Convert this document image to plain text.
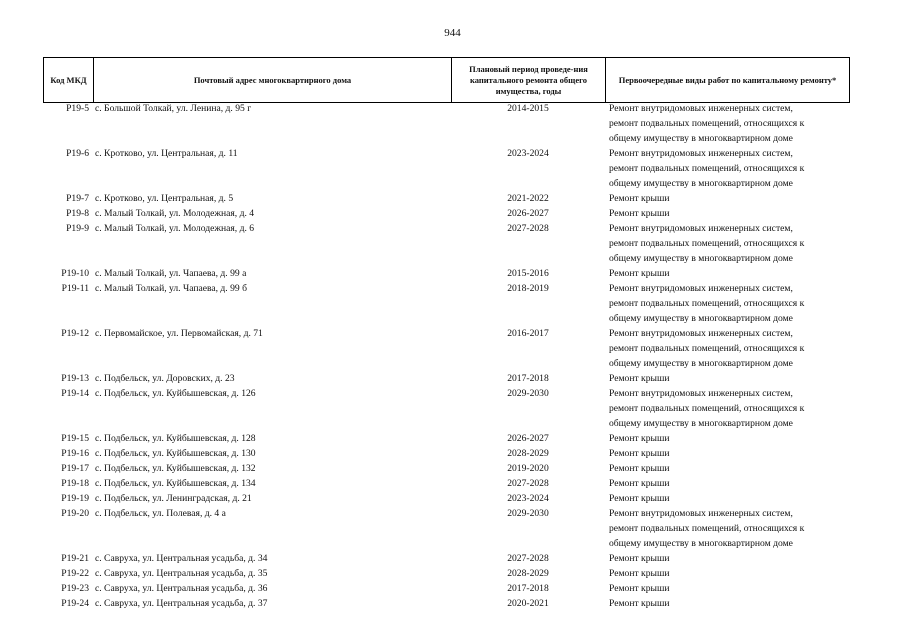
944
Код МКД	Почтовый адрес многоквартирного дома	Плановый период проведе-ния капитального ремонта общего имущества, годы	Первоочередные виды работ по капитальному ремонту*
Р19-5 с. Большой Толкай, ул. Ленина, д. 95 г	2014-2015	Ремонт внутридомовых инженерных систем,
ремонт подвальных помещений, относящихся к
общему имуществу в многоквартирном доме
Р19-6 с. Кротково, ул. Центральная, д. 11	2023-2024	Ремонт внутридомовых инженерных систем,
ремонт подвальных помещений, относящихся к
общему имуществу в многоквартирном доме
Р19-7 с. Кротково, ул. Центральная, д. 5	2021-2022	Ремонт крыши
Р19-8 с. Малый Толкай, ул. Молодежная, д. 4	2026-2027	Ремонт крыши
Р19-9 с. Малый Толкай, ул. Молодежная, д. 6	2027-2028	Ремонт внутридомовых инженерных систем,
ремонт подвальных помещений, относящихся к
общему имуществу в многоквартирном доме
Р19-10 с. Малый Толкай, ул. Чапаева, д. 99 а	2015-2016	Ремонт крыши
Р19-11 с. Малый Толкай, ул. Чапаева, д. 99 б	2018-2019	Ремонт внутридомовых инженерных систем,
ремонт подвальных помещений, относящихся к
общему имуществу в многоквартирном доме
Р19-12 с. Первомайское, ул. Первомайская, д. 71	2016-2017	Ремонт внутридомовых инженерных систем,
ремонт подвальных помещений, относящихся к
общему имуществу в многоквартирном доме
Р19-13 с. Подбельск, ул. Доровских, д. 23	2017-2018	Ремонт крыши
Р19-14 с. Подбельск, ул. Куйбышевская, д. 126	2029-2030	Ремонт внутридомовых инженерных систем,
ремонт подвальных помещений, относящихся к
общему имуществу в многоквартирном доме
Р19-15 с. Подбельск, ул. Куйбышевская, д. 128	2026-2027	Ремонт крыши
Р19-16 с. Подбельск, ул. Куйбышевская, д. 130	2028-2029	Ремонт крыши
Р19-17 с. Подбельск, ул. Куйбышевская, д. 132	2019-2020	Ремонт крыши
Р19-18 с. Подбельск, ул. Куйбышевская, д. 134	2027-2028	Ремонт крыши
Р19-19 с. Подбельск, ул. Ленинградская, д. 21	2023-2024	Ремонт крыши
Р19-20 с. Подбельск, ул. Полевая, д. 4 а	2029-2030	Ремонт внутридомовых инженерных систем,
ремонт подвальных помещений, относящихся к
общему имуществу в многоквартирном доме
Р19-21 с. Савруха, ул. Центральная усадьба, д. 34	2027-2028	Ремонт крыши
Р19-22 с. Савруха, ул. Центральная усадьба, д. 35	2028-2029	Ремонт крыши
Р19-23 с. Савруха, ул. Центральная усадьба, д. 36	2017-2018	Ремонт крыши
Р19-24 с. Савруха, ул. Центральная усадьба, д. 37	2020-2021	Ремонт крыши
